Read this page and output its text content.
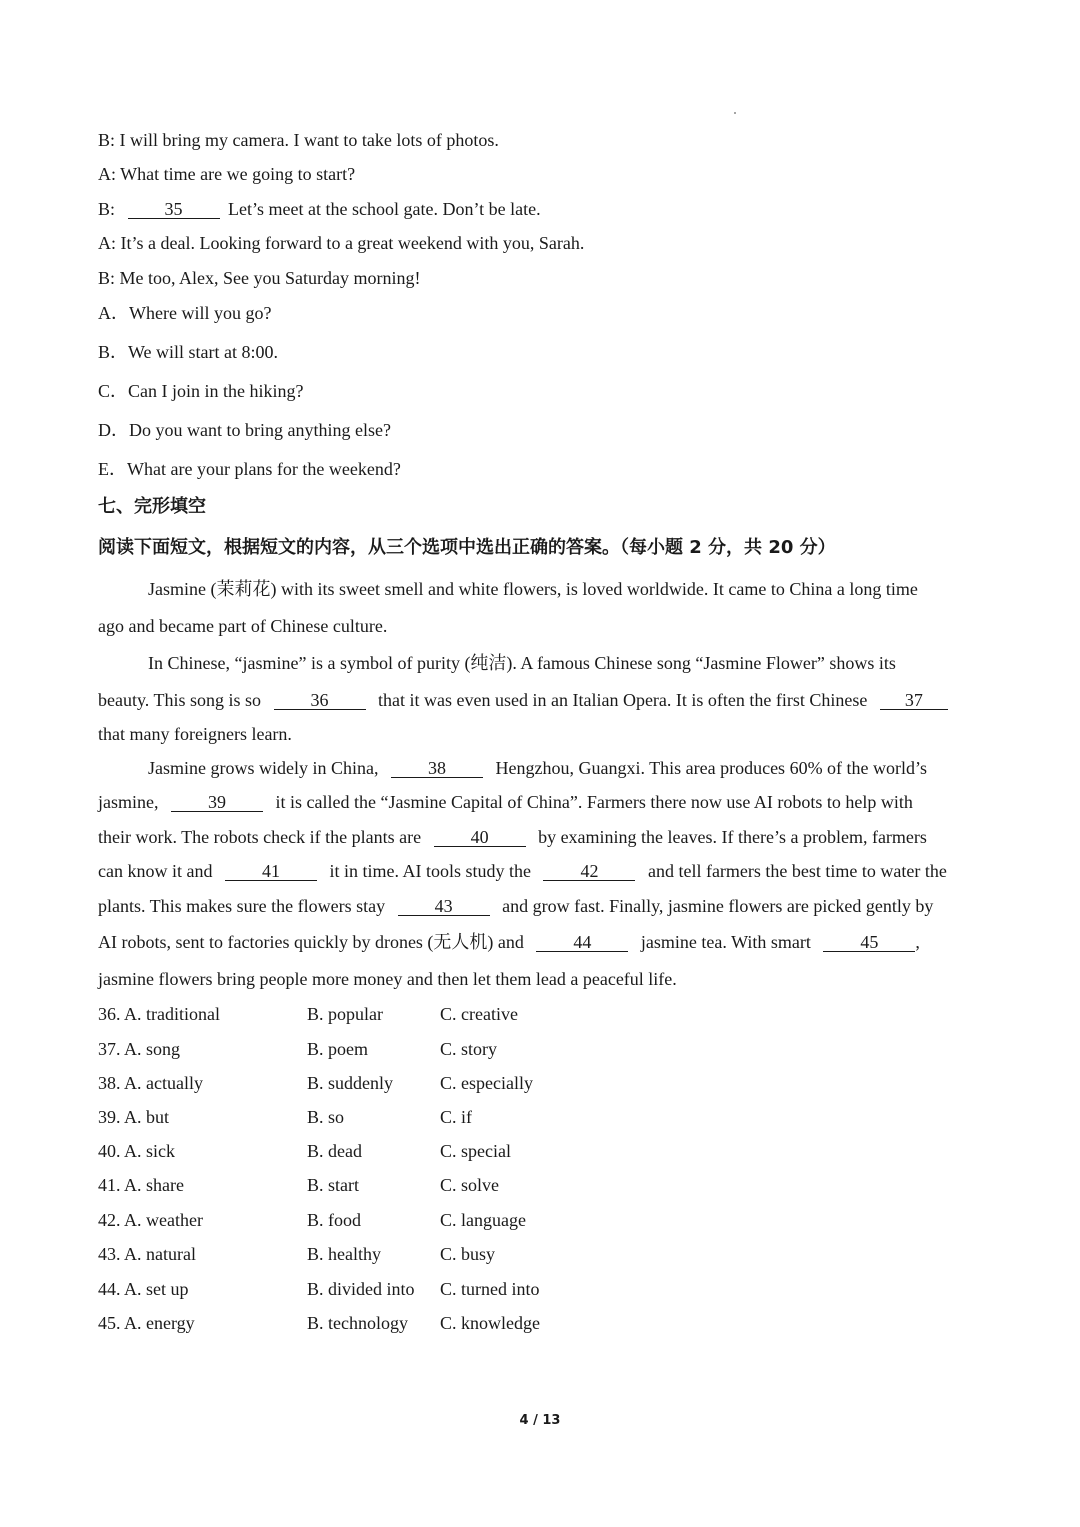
B: I will bring my camera. I want to take lots of photos.
A: What time are we going to start?
B:	35	Let’s meet at the school gate. Don’t be late.
A: It’s a deal. Looking forward to a great weekend with you, Sarah.
B: Me too, Alex, See you Saturday morning!
A．Where will you go?
B．We will start at 8:00.
C．Can I join in the hiking?
D．Do you want to bring anything else?
E．What are your plans for the weekend?
七、完形填空
阅读下面短文，根据短文的内容，从三个选项中选出正确的答案。（每小题 2 分，共 20 分）
Jasmine (茉莉花) with its sweet smell and white flowers, is loved worldwide. It came to China a long time
ago and became part of Chinese culture.
In Chinese, “jasmine” is a symbol of purity (纯洁). A famous Chinese song “Jasmine Flower” shows its
beauty. This song is so	36	that it was even used in an Italian Opera. It is often the first Chinese 37
that many foreigners learn.
Jasmine grows widely in China,	38	Hengzhou, Guangxi. This area produces 60% of the world’s
jasmine,	39	it is called the “Jasmine Capital of China”. Farmers there now use AI robots to help with
their work. The robots check if the plants are	40	by examining the leaves. If there’s a problem, farmers
can know it and	41	it in time. AI tools study the	42	and tell farmers the best time to water the
plants. This makes sure the flowers stay	43	and grow fast. Finally, jasmine flowers are picked gently by
AI robots, sent to factories quickly by drones (无人机) and	44	jasmine tea. With smart	45 ,
jasmine flowers bring people more money and then let them lead a peaceful life.
36. A. traditional	B. popular	C. creative
37. A. song	B. poem	C. story
38. A. actually	B. suddenly	C. especially
39. A. but	B. so	C. if
40. A. sick	B. dead	C. special
41. A. share	B. start	C. solve
42. A. weather	B. food	C. language
43. A. natural	B. healthy	C. busy
44. A. set up	B. divided into C. turned into
45. A. energy	B. technology C. knowledge
4 / 13
